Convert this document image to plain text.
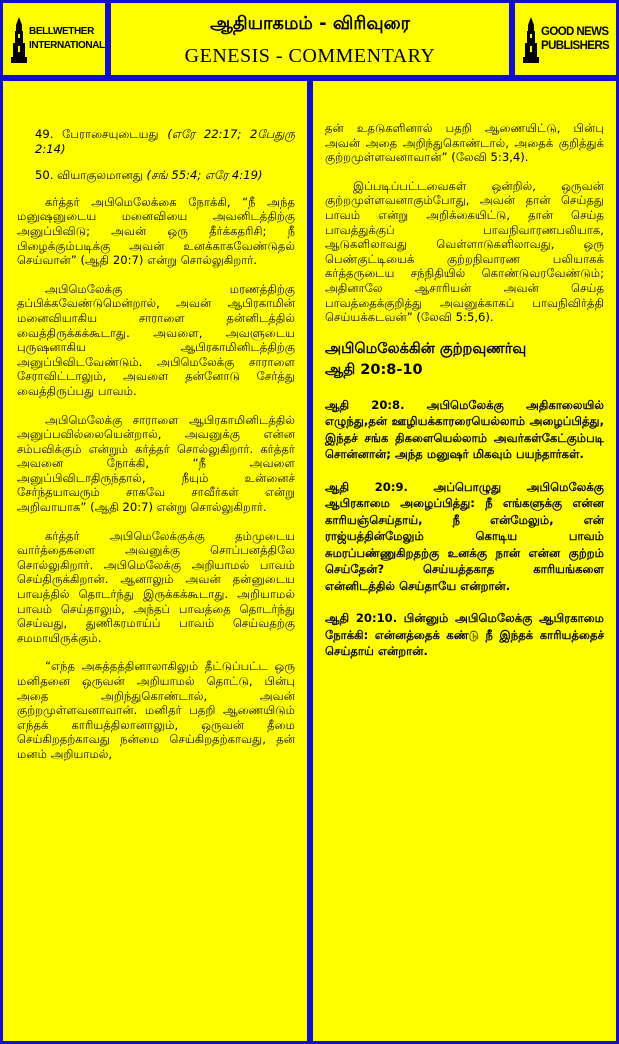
BELLWETHER
INTERNATIONAL
ஆதியாகமம் - விரிவுரை
GENESIS - COMMENTARY
GOOD NEWS
PUBLISHERS

49. பேராசையுடையது (எரே 22:17; 2பேதுரு 2:14)

50. வியாகுலமானது (சங் 55:4; எரே 4:19)

கர்த்தர் அபிமெலேக்கை நோக்கி, “நீ அந்த மனுஷனுடைய மனைவியை அவனிடத்திற்கு அனுப்பிவிடு; அவன் ஒரு தீர்க்கதரிசி; நீ பிழைக்கும்படிக்கு அவன் உனக்காகவேண்டுதல் செய்வான்” (ஆதி 20:7) என்று சொல்லுகிறார்.

அபிமெலேக்கு மரணத்திற்கு தப்பிக்கவேண்டுமென்றால், அவன் ஆபிரகாமின் மனைவியாகிய சாராளை தன்னிடத்தில் வைத்திருக்கக்கூடாது. அவளை, அவளுடைய புருஷனாகிய ஆபிரகாமினிடத்திற்கு அனுப்பிவிடவேண்டும். அபிமெலேக்கு சாராளை சேராவிட்டாலும், அவளை தன்னோடு சேர்த்து வைத்திருப்பது பாவம்.

அபிமெலேக்கு சாராளை ஆபிரகாமினிடத்தில் அனுப்பவில்லையென்றால், அவனுக்கு என்ன சம்பவிக்கும் என்றும் கர்த்தர் சொல்லுகிறார். கர்த்தர் அவனை நோக்கி, “நீ அவளை அனுப்பிவிடாதிருந்தால், நீயும் உன்னைச் சேர்ந்தயாவரும் சாகவே சாவீர்கள் என்று அறிவாயாக” (ஆதி 20:7) என்று சொல்லுகிறார்.

கர்த்தர் அபிமெலேக்குக்கு தம்முடைய வார்த்தைகளை அவனுக்கு சொப்பனத்திலே சொல்லுகிறார். அபிமெலேக்கு அறியாமல் பாவம் செய்திருக்கிறான். ஆனாலும் அவன் தன்னுடைய பாவத்தில் தொடர்ந்து இருக்கக்கூடாது. அறியாமல் பாவம் செய்தாலும், அந்தப் பாவத்தை தொடர்ந்து செய்வது, துணிகரமாய்ப் பாவம் செய்வதற்கு சமமாயிருக்கும்.

“எந்த அசுத்தத்தினாலாகிலும் தீட்டுப்பட்ட ஒரு மனிதனை ஒருவன் அறியாமல் தொட்டு, பின்பு அதை அறிந்துகொண்டால், அவன் குற்றமுள்ளவனாவான். மனிதர் பதறி ஆணையிடும் எந்தக் காரியத்திலானாலும், ஒருவன் தீமை செய்கிறதற்காவது நன்மை செய்கிறதற்காவது, தன் மனம் அறியாமல்,

தன் உதடுகளினால் பதறி ஆணையிட்டு, பின்பு அவன் அதை அறிந்துகொண்டால், அதைக் குறித்துக் குற்றமுள்ளவனாவான்” (லேவி 5:3,4).

இப்படிப்பட்டவைகள் ஒன்றில், ஒருவன் குற்றமுள்ளவனாகும்போது, அவன் தான் செய்தது பாவம் என்று அறிக்கையிட்டு, தான் செய்த பாவத்துக்குப் பாவநிவாரணபலியாக, ஆடுகளிலாவது வெள்ளாடுகளிலாவது, ஒரு பெண்குட்டியைக் குற்றநிவாரண பலியாகக் கர்த்தருடைய சந்நிதியில் கொண்டுவரவேண்டும்; அதினாலே ஆசாரியன் அவன் செய்த பாவத்தைக்குறித்து அவனுக்காகப் பாவநிவிர்த்தி செய்யக்கடவன்” (லேவி 5:5,6).

அபிமெலேக்கின் குற்றவுணர்வு
ஆதி 20:8-10

ஆதி 20:8. அபிமெலேக்கு அதிகாலையில் எழுந்து,தன் ஊழியக்காரரையெல்லாம் அழைப்பித்து, இந்தச் சங்க திகளையெல்லாம் அவர்கள்கேட்கும்படி சொன்னான்; அந்த மனுஷர் மிகவும் பயந்தார்கள்.

ஆதி 20:9. அப்பொழுது அபிமெலேக்கு ஆபிரகாமை அழைப்பித்து: நீ எங்களுக்கு என்ன காரியஞ்செய்தாய், நீ என்மேலும், என் ராஜ்யத்தின்மேலும் கொடிய பாவம் சுமரப்பண்ணுகிறதற்கு உனக்கு நான் என்ன குற்றம் செய்தேன்? செய்யத்தகாத காரியங்களை என்னிடத்தில் செய்தாயே என்றான்.

ஆதி 20:10. பின்னும் அபிமெலேக்கு ஆபிரகாமை நோக்கி: என்னத்தைக் கண்டு நீ இந்தக் காரியத்தைச் செய்தாய் என்றான்.
